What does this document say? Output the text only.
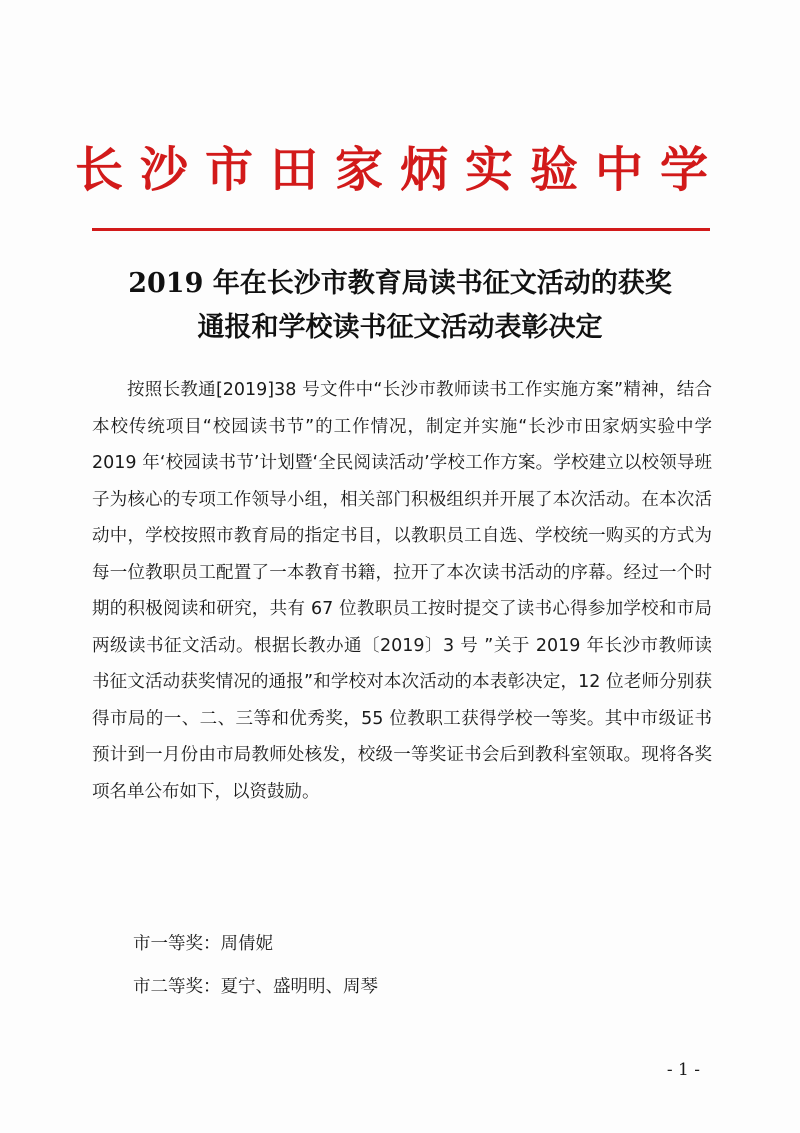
长沙市田家炳实验中学
2019 年在长沙市教育局读书征文活动的获奖
通报和学校读书征文活动表彰决定

按照长教通[2019]38 号文件中“长沙市教师读书工作实施方案”精神，结合本校传统项目“校园读书节”的工作情况，制定并实施“长沙市田家炳实验中学 2019 年‘校园读书节’计划暨‘全民阅读活动’学校工作方案。学校建立以校领导班子为核心的专项工作领导小组，相关部门积极组织并开展了本次活动。在本次活动中，学校按照市教育局的指定书目，以教职员工自选、学校统一购买的方式为每一位教职员工配置了一本教育书籍，拉开了本次读书活动的序幕。经过一个时期的积极阅读和研究，共有 67 位教职员工按时提交了读书心得参加学校和市局两级读书征文活动。根据长教办通〔2019〕3 号 ”关于 2019 年长沙市教师读书征文活动获奖情况的通报”和学校对本次活动的本表彰决定，12 位老师分别获得市局的一、二、三等和优秀奖，55 位教职工获得学校一等奖。其中市级证书预计到一月份由市局教师处核发，校级一等奖证书会后到教科室领取。现将各奖项名单公布如下，以资鼓励。

市一等奖：周倩妮
市二等奖：夏宁、盛明明、周琴
- 1 -
